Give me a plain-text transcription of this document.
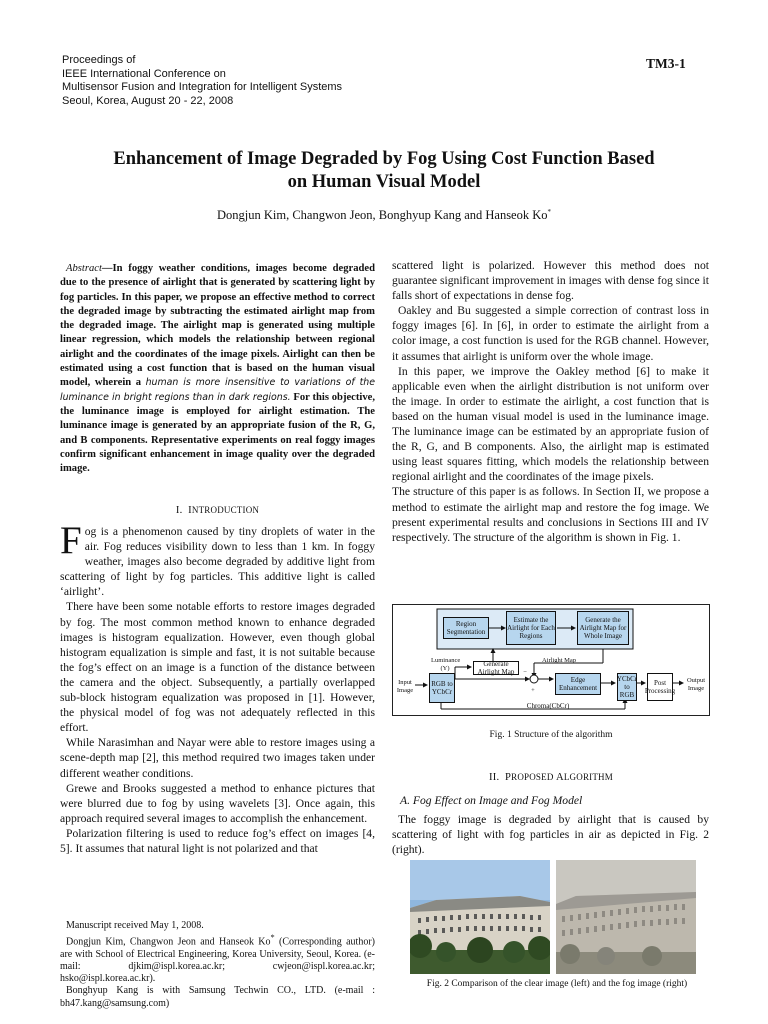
Proceedings of
IEEE International Conference on
Multisensor Fusion and Integration for Intelligent Systems
Seoul, Korea, August 20 - 22, 2008
TM3-1
Enhancement of Image Degraded by Fog Using Cost Function Based
on Human Visual Model
Dongjun Kim, Changwon Jeon, Bonghyup Kang and Hanseok Ko*

Abstract—In foggy weather conditions, images become degraded due to the presence of airlight that is generated by scattering light by fog particles. In this paper, we propose an effective method to correct the degraded image by subtracting the estimated airlight map from the degraded image. The airlight map is generated using multiple linear regression, which models the relationship between regional airlight and the coordinates of the image pixels. Airlight can then be estimated using a cost function that is based on the human visual model, wherein a human is more insensitive to variations of the luminance in bright regions than in dark regions. For this objective, the luminance image is employed for airlight estimation. The luminance image is generated by an appropriate fusion of the R, G, and B components. Representative experiments on real foggy images confirm significant enhancement in image quality over the degraded image.

I. INTRODUCTION

Fog is a phenomenon caused by tiny droplets of water in the air. Fog reduces visibility down to less than 1 km. In foggy weather, images also become degraded by additive light from scattering of light by fog particles. This additive light is called ‘airlight’.

There have been some notable efforts to restore images degraded by fog. The most common method known to enhance degraded images is histogram equalization. However, even though global histogram equalization is simple and fast, it is not suitable because the fog’s effect on an image is a function of the distance between the camera and the object. Subsequently, a partially overlapped sub-block histogram equalization was proposed in [1]. However, the physical model of fog was not adequately reflected in this effort.

While Narasimhan and Nayar were able to restore images using a scene-depth map [2], this method required two images taken under different weather conditions.

Grewe and Brooks suggested a method to enhance pictures that were blurred due to fog by using wavelets [3]. Once again, this approach required several images to accomplish the enhancement.

Polarization filtering is used to reduce fog’s effect on images [4, 5]. It assumes that natural light is not polarized and that

Manuscript received May 1, 2008.

Dongjun Kim, Changwon Jeon and Hanseok Ko* (Corresponding author) are with School of Electrical Engineering, Korea University, Seoul, Korea. (e-mail: djkim@ispl.korea.ac.kr; cwjeon@ispl.korea.ac.kr; hsko@ispl.korea.ac.kr).

Bonghyup Kang is with Samsung Techwin CO., LTD. (e-mail : bh47.kang@samsung.com)

scattered light is polarized. However this method does not guarantee significant improvement in images with dense fog since it falls short of expectations in dense fog.

Oakley and Bu suggested a simple correction of contrast loss in foggy images [6]. In [6], in order to estimate the airlight from a color image, a cost function is used for the RGB channel. However, it assumes that airlight is uniform over the whole image.

In this paper, we improve the Oakley method [6] to make it applicable even when the airlight distribution is not uniform over the image. In order to estimate the airlight, a cost function that is based on the human visual model is used in the luminance image. The luminance image can be estimated by an appropriate fusion of the R, G, and B components. Also, the airlight map is estimated using least squares fitting, which models the relationship between regional airlight and the coordinates of the image pixels.

The structure of this paper is as follows. In Section II, we propose a method to estimate the airlight map and restore the fog image. We present experimental results and conclusions in Sections III and IV respectively. The structure of the algorithm is shown in Fig. 1.

Region Segmentation
Estimate the Airlight for Each Regions
Generate the Airlight Map for Whole Image
Luminance (Y)
Generate Airlight Map
Airlight Map
Input Image
RGB to YCbCr
−
+
Edge Enhancement
YCbCr to RGB
Post Processing
Output Image
Chroma(CbCr)
Fig. 1 Structure of the algorithm
II. PROPOSED ALGORITHM
A. Fog Effect on Image and Fog Model

The foggy image is degraded by airlight that is caused by scattering of light with fog particles in air as depicted in Fig. 2 (right).

Fig. 2 Comparison of the clear image (left) and the fog image (right)
